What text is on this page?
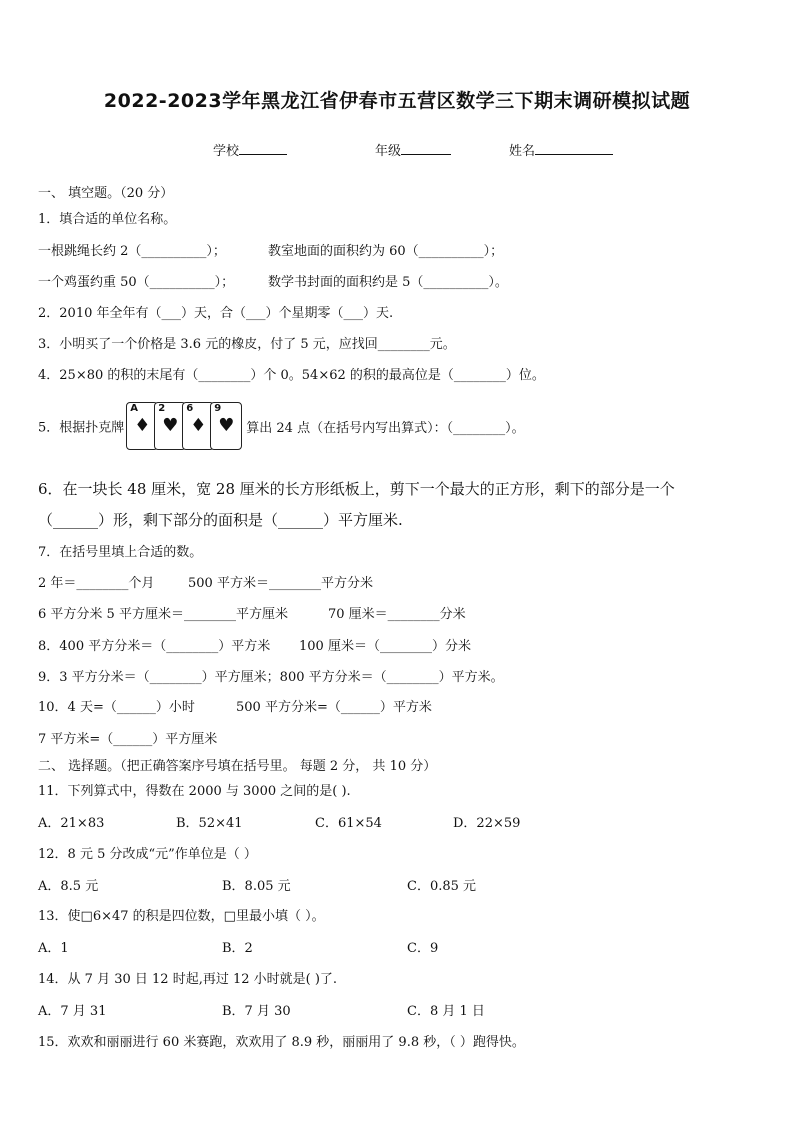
2022-2023学年黑龙江省伊春市五营区数学三下期末调研模拟试题
学校	年级	姓名
一、 填空题。（20 分）
1．填合适的单位名称。
一根跳绳长约 2（__________）；	教室地面的面积约为 60（__________）；
一个鸡蛋约重 50（__________）；	数学书封面的面积约是 5（__________）。
2．2010 年全年有（___）天，合（___）个星期零（___）天.
3．小明买了一个价格是 3.6 元的橡皮，付了 5 元，应找回________元。
4．25×80 的积的末尾有（________）个 0。54×62 的积的最高位是（________）位。
5．根据扑克牌
A
♦
2
♥
6
♦
9
♥ 算出 24 点（在括号内写出算式）：（________）。
6．在一块长 48 厘米，宽 28 厘米的长方形纸板上，剪下一个最大的正方形，剩下的部分是一个
（______）形，剩下部分的面积是（______）平方厘米.
7．在括号里填上合适的数。
2 年＝________个月	500 平方米＝________平方分米
6 平方分米 5 平方厘米＝________平方厘米	70 厘米＝________分米
8．400 平方分米＝（________）平方米 100 厘米＝（________）分米
9．3 平方分米＝（________）平方厘米；800 平方分米＝（________）平方米。
10．4 天=（______）小时	500 平方分米=（______）平方米
7 平方米=（______）平方厘米
二、 选择题。（把正确答案序号填在括号里。 每题 2 分， 共 10 分）
11．下列算式中，得数在 2000 与 3000 之间的是( ).
A．21×83	B．52×41	C．61×54	D．22×59
12．8 元 5 分改成“元”作单位是（ ）
A．8.5 元	B．8.05 元	C．0.85 元
13．使□6×47 的积是四位数，□里最小填（ ）。
A．1	B．2	C．9
14．从 7 月 30 日 12 时起,再过 12 小时就是( )了.
A．7 月 31	B．7 月 30	C．8 月 1 日
15．欢欢和丽丽进行 60 米赛跑，欢欢用了 8.9 秒，丽丽用了 9.8 秒，（ ）跑得快。
